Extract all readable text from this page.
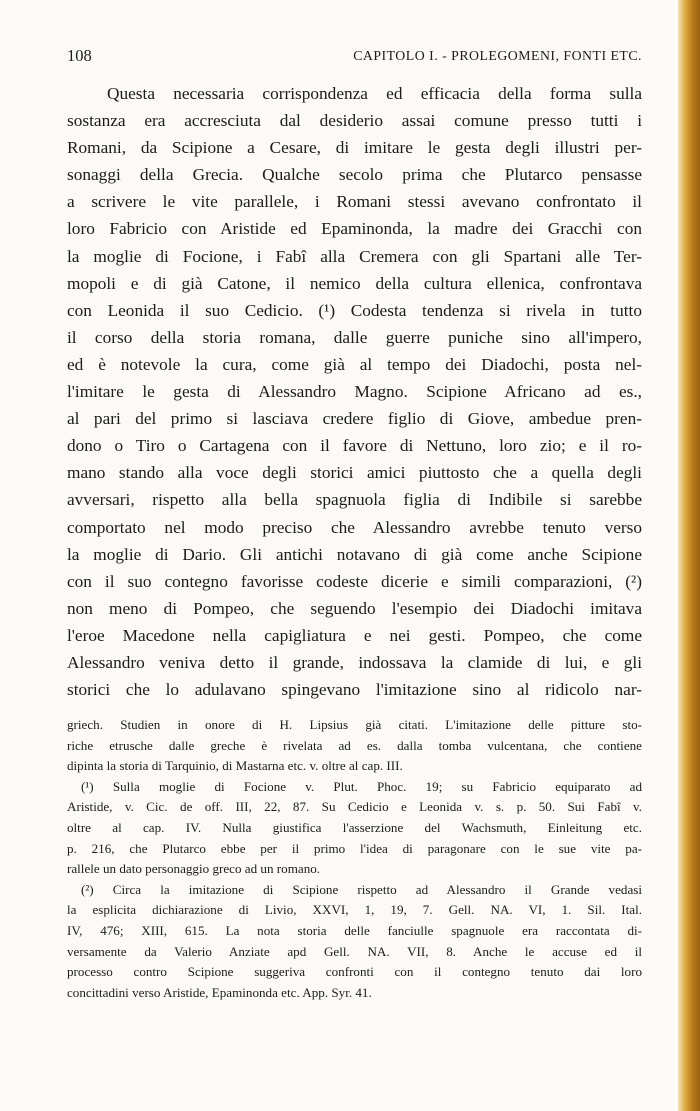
108	CAPITOLO I. - PROLEGOMENI, FONTI ETC.
Questa necessaria corrispondenza ed efficacia della forma sulla
sostanza era accresciuta dal desiderio assai comune presso tutti i
Romani, da Scipione a Cesare, di imitare le gesta degli illustri per-
sonaggi della Grecia. Qualche secolo prima che Plutarco pensasse
a scrivere le vite parallele, i Romani stessi avevano confrontato il
loro Fabricio con Aristide ed Epaminonda, la madre dei Gracchi con
la moglie di Focione, i Fabî alla Cremera con gli Spartani alle Ter-
mopoli e di già Catone, il nemico della cultura ellenica, confrontava
con Leonida il suo Cedicio. (¹) Codesta tendenza si rivela in tutto
il corso della storia romana, dalle guerre puniche sino all'impero,
ed è notevole la cura, come già al tempo dei Diadochi, posta nel-
l'imitare le gesta di Alessandro Magno. Scipione Africano ad es.,
al pari del primo si lasciava credere figlio di Giove, ambedue pren-
dono o Tiro o Cartagena con il favore di Nettuno, loro zio; e il ro-
mano stando alla voce degli storici amici piuttosto che a quella degli
avversari, rispetto alla bella spagnuola figlia di Indibile si sarebbe
comportato nel modo preciso che Alessandro avrebbe tenuto verso
la moglie di Dario. Gli antichi notavano di già come anche Scipione
con il suo contegno favorisse codeste dicerie e simili comparazioni, (²)
non meno di Pompeo, che seguendo l'esempio dei Diadochi imitava
l'eroe Macedone nella capigliatura e nei gesti. Pompeo, che come
Alessandro veniva detto il grande, indossava la clamide di lui, e gli
storici che lo adulavano spingevano l'imitazione sino al ridicolo nar-
griech. Studien in onore di H. Lipsius già citati. L'imitazione delle pitture sto-
riche etrusche dalle greche è rivelata ad es. dalla tomba vulcentana, che contiene
dipinta la storia di Tarquinio, di Mastarna etc. v. oltre al cap. III.
(¹) Sulla moglie di Focione v. Plut. Phoc. 19; su Fabricio equiparato ad
Aristide, v. Cic. de off. III, 22, 87. Su Cedicio e Leonida v. s. p. 50. Sui Fabî v.
oltre al cap. IV. Nulla giustifica l'asserzione del Wachsmuth, Einleitung etc.
p. 216, che Plutarco ebbe per il primo l'idea di paragonare con le sue vite pa-
rallele un dato personaggio greco ad un romano.
(²) Circa la imitazione di Scipione rispetto ad Alessandro il Grande vedasi
la esplicita dichiarazione di Livio, XXVI, 1, 19, 7. Gell. NA. VI, 1. Sil. Ital.
IV, 476; XIII, 615. La nota storia delle fanciulle spagnuole era raccontata di-
versamente da Valerio Anziate apd Gell. NA. VII, 8. Anche le accuse ed il
processo contro Scipione suggeriva confronti con il contegno tenuto dai loro
concittadini verso Aristide, Epaminonda etc. App. Syr. 41.
